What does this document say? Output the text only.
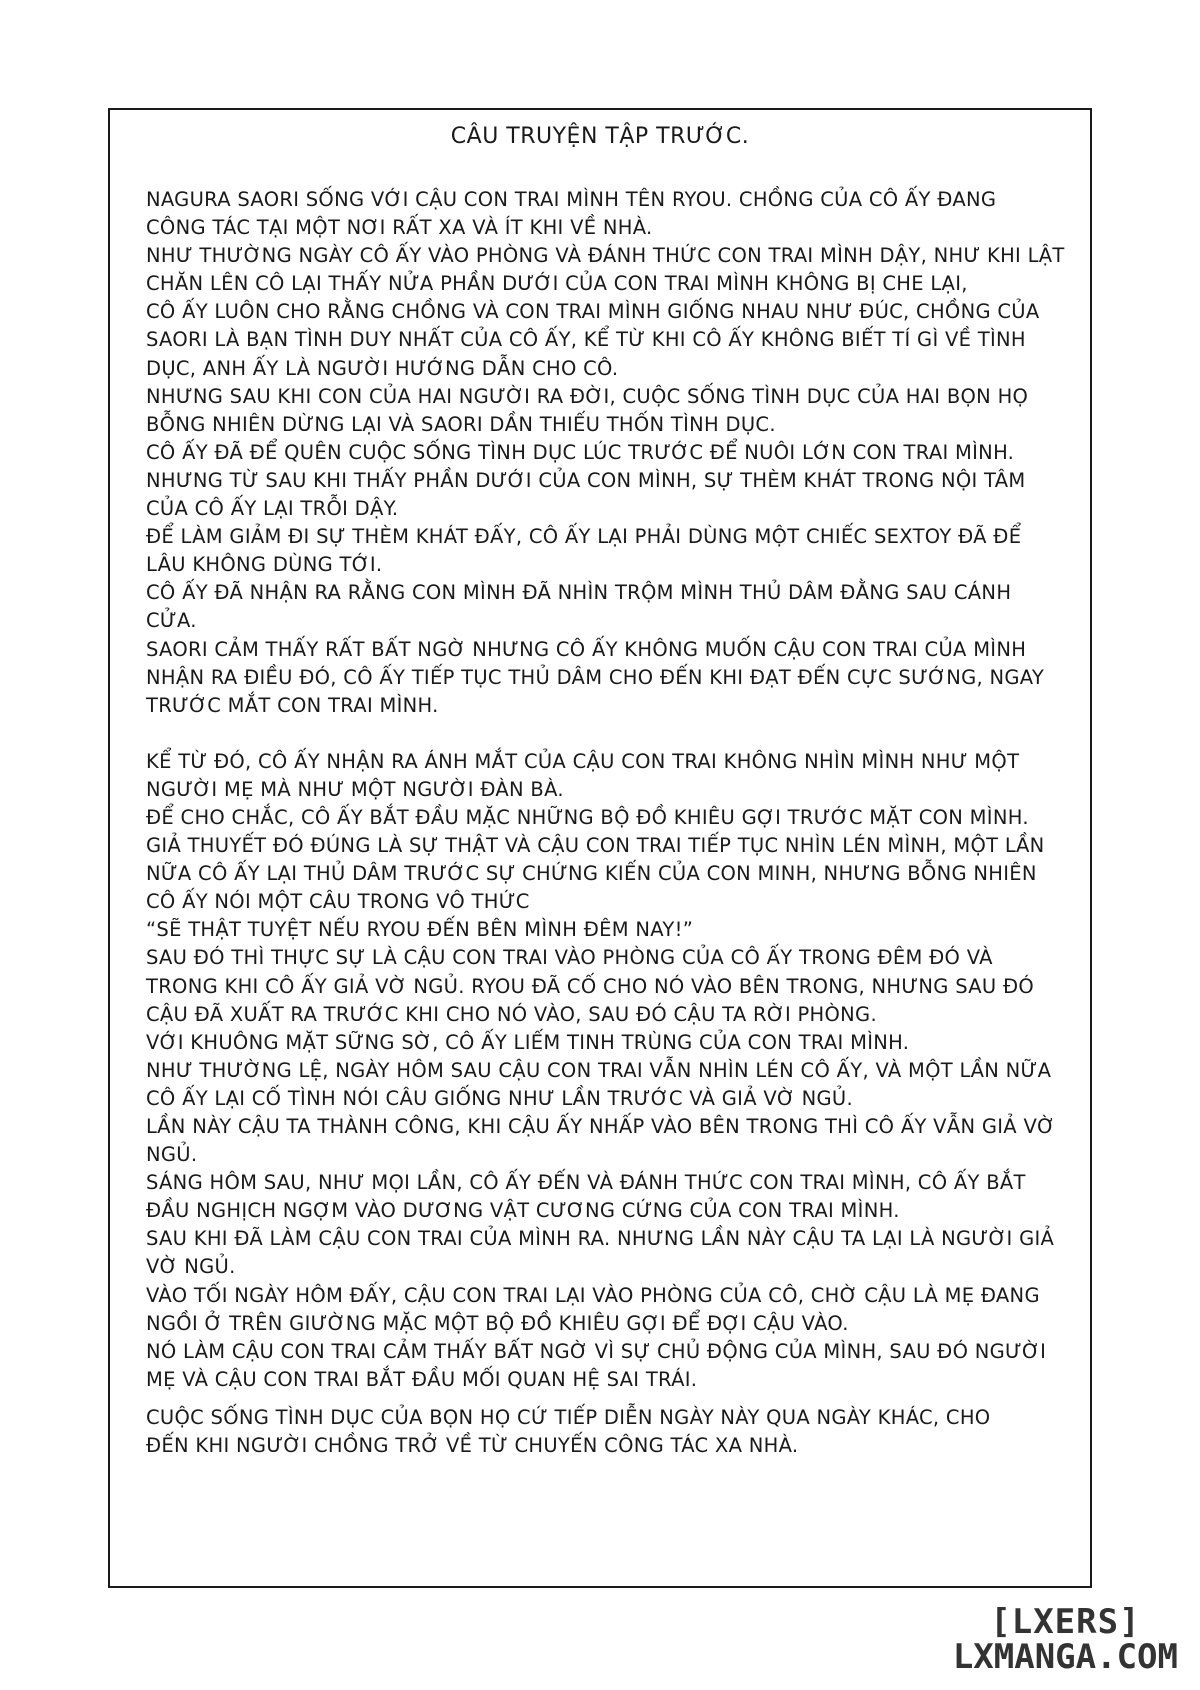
CÂU TRUYỆN TẬP TRƯỚC.
NAGURA SAORI SỐNG VỚI CẬU CON TRAI MÌNH TÊN RYOU. CHỒNG CỦA CÔ ẤY ĐANG
CÔNG TÁC TẠI MỘT NƠI RẤT XA VÀ ÍT KHI VỀ NHÀ.
NHƯ THƯỜNG NGÀY CÔ ẤY VÀO PHÒNG VÀ ĐÁNH THỨC CON TRAI MÌNH DẬY, NHƯ KHI LẬT
CHĂN LÊN CÔ LẠI THẤY NỬA PHẦN DƯỚI CỦA CON TRAI MÌNH KHÔNG BỊ CHE LẠI,
CÔ ẤY LUÔN CHO RẰNG CHỒNG VÀ CON TRAI MÌNH GIỐNG NHAU NHƯ ĐÚC, CHỒNG CỦA
SAORI LÀ BẠN TÌNH DUY NHẤT CỦA CÔ ẤY, KỂ TỪ KHI CÔ ẤY KHÔNG BIẾT TÍ GÌ VỀ TÌNH
DỤC, ANH ẤY LÀ NGƯỜI HƯỚNG DẪN CHO CÔ.
NHƯNG SAU KHI CON CỦA HAI NGƯỜI RA ĐỜI, CUỘC SỐNG TÌNH DỤC CỦA HAI BỌN HỌ
BỖNG NHIÊN DỪNG LẠI VÀ SAORI DẦN THIẾU THỐN TÌNH DỤC.
CÔ ẤY ĐÃ ĐỂ QUÊN CUỘC SỐNG TÌNH DỤC LÚC TRƯỚC ĐỂ NUÔI LỚN CON TRAI MÌNH.
NHƯNG TỪ SAU KHI THẤY PHẦN DƯỚI CỦA CON MÌNH, SỰ THÈM KHÁT TRONG NỘI TÂM
CỦA CÔ ẤY LẠI TRỖI DẬY.
ĐỂ LÀM GIẢM ĐI SỰ THÈM KHÁT ĐẤY, CÔ ẤY LẠI PHẢI DÙNG MỘT CHIẾC SEXTOY ĐÃ ĐỂ
LÂU KHÔNG DÙNG TỚI.
CÔ ẤY ĐÃ NHẬN RA RẰNG CON MÌNH ĐÃ NHÌN TRỘM MÌNH THỦ DÂM ĐẰNG SAU CÁNH
CỬA.
SAORI CẢM THẤY RẤT BẤT NGỜ NHƯNG CÔ ẤY KHÔNG MUỐN CẬU CON TRAI CỦA MÌNH
NHẬN RA ĐIỀU ĐÓ, CÔ ẤY TIẾP TỤC THỦ DÂM CHO ĐẾN KHI ĐẠT ĐẾN CỰC SƯỚNG, NGAY
TRƯỚC MẮT CON TRAI MÌNH.
KỂ TỪ ĐÓ, CÔ ẤY NHẬN RA ÁNH MẮT CỦA CẬU CON TRAI KHÔNG NHÌN MÌNH NHƯ MỘT
NGƯỜI MẸ MÀ NHƯ MỘT NGƯỜI ĐÀN BÀ.
ĐỂ CHO CHẮC, CÔ ẤY BẮT ĐẦU MẶC NHỮNG BỘ ĐỒ KHIÊU GỢI TRƯỚC MẶT CON MÌNH.
GIẢ THUYẾT ĐÓ ĐÚNG LÀ SỰ THẬT VÀ CẬU CON TRAI TIẾP TỤC NHÌN LÉN MÌNH, MỘT LẦN
NỮA CÔ ẤY LẠI THỦ DÂM TRƯỚC SỰ CHỨNG KIẾN CỦA CON MINH, NHƯNG BỖNG NHIÊN
CÔ ẤY NÓI MỘT CÂU TRONG VÔ THỨC
“SẼ THẬT TUYỆT NẾU RYOU ĐẾN BÊN MÌNH ĐÊM NAY!”
SAU ĐÓ THÌ THỰC SỰ LÀ CẬU CON TRAI VÀO PHÒNG CỦA CÔ ẤY TRONG ĐÊM ĐÓ VÀ
TRONG KHI CÔ ẤY GIẢ VỜ NGỦ. RYOU ĐÃ CỐ CHO NÓ VÀO BÊN TRONG, NHƯNG SAU ĐÓ
CẬU ĐÃ XUẤT RA TRƯỚC KHI CHO NÓ VÀO, SAU ĐÓ CẬU TA RỜI PHÒNG.
VỚI KHUÔNG MẶT SỮNG SỜ, CÔ ẤY LIẾM TINH TRÙNG CỦA CON TRAI MÌNH.
NHƯ THƯỜNG LỆ, NGÀY HÔM SAU CẬU CON TRAI VẪN NHÌN LÉN CÔ ẤY, VÀ MỘT LẦN NỮA
CÔ ẤY LẠI CỐ TÌNH NÓI CÂU GIỐNG NHƯ LẦN TRƯỚC VÀ GIẢ VỜ NGỦ.
LẦN NÀY CẬU TA THÀNH CÔNG, KHI CẬU ẤY NHẤP VÀO BÊN TRONG THÌ CÔ ẤY VẪN GIẢ VỜ
NGỦ.
SÁNG HÔM SAU, NHƯ MỌI LẦN, CÔ ẤY ĐẾN VÀ ĐÁNH THỨC CON TRAI MÌNH, CÔ ẤY BẮT
ĐẦU NGHỊCH NGỢM VÀO DƯƠNG VẬT CƯƠNG CỨNG CỦA CON TRAI MÌNH.
SAU KHI ĐÃ LÀM CẬU CON TRAI CỦA MÌNH RA. NHƯNG LẦN NÀY CẬU TA LẠI LÀ NGƯỜI GIẢ
VỜ NGỦ.
VÀO TỐI NGÀY HÔM ĐẤY, CẬU CON TRAI LẠI VÀO PHÒNG CỦA CÔ, CHỜ CẬU LÀ MẸ ĐANG
NGỒI Ở TRÊN GIƯỜNG MẶC MỘT BỘ ĐỒ KHIÊU GỢI ĐỂ ĐỢI CẬU VÀO.
NÓ LÀM CẬU CON TRAI CẢM THẤY BẤT NGỜ VÌ SỰ CHỦ ĐỘNG CỦA MÌNH, SAU ĐÓ NGƯỜI
MẸ VÀ CẬU CON TRAI BẮT ĐẦU MỐI QUAN HỆ SAI TRÁI.
CUỘC SỐNG TÌNH DỤC CỦA BỌN HỌ CỨ TIẾP DIỄN NGÀY NÀY QUA NGÀY KHÁC, CHO
ĐẾN KHI NGƯỜI CHỒNG TRỞ VỀ TỪ CHUYẾN CÔNG TÁC XA NHÀ.
[LXERS]
LXMANGA.COM
